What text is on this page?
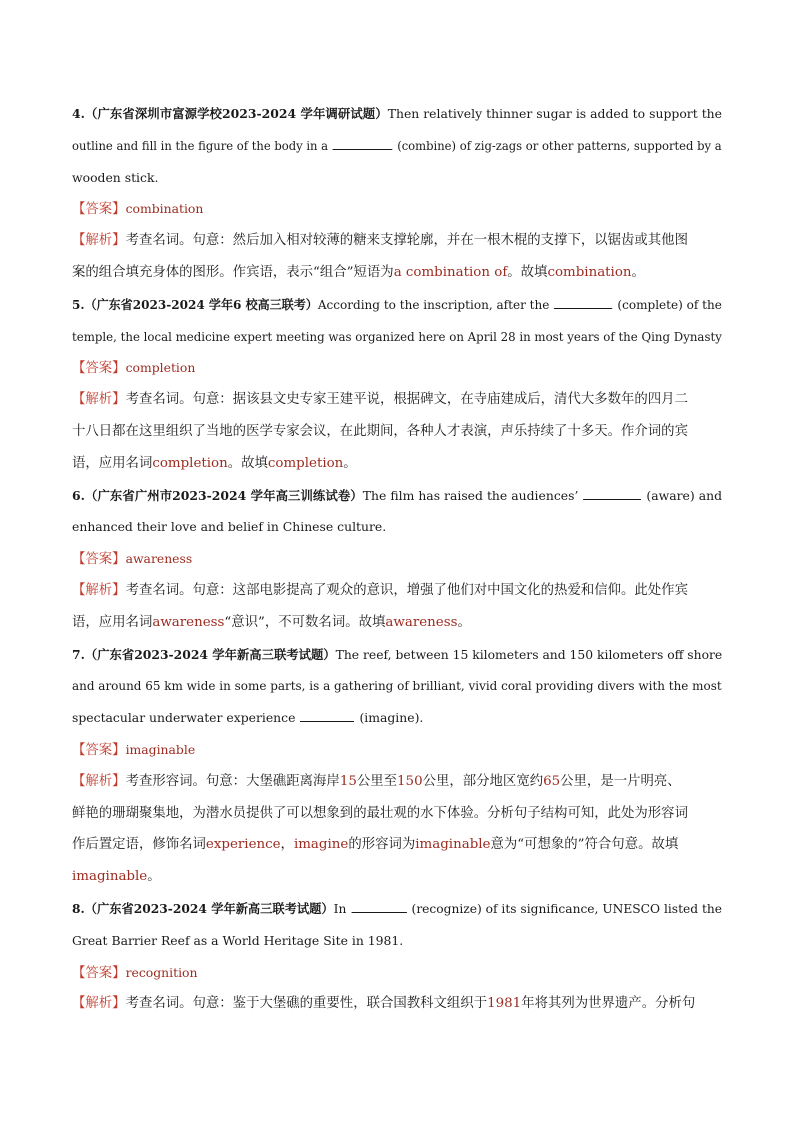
4.（广东省深圳市富源学校2023-2024 学年调研试题）Then relatively thinner sugar is added to support the
outline and fill in the figure of the body in a	(combine) of zig-zags or other patterns, supported by a
wooden stick.
【答案】combination
【解析】考查名词。句意：然后加入相对较薄的糖来支撑轮廓，并在一根木棍的支撑下，以锯齿或其他图
案的组合填充身体的图形。作宾语，表示“组合”短语为a combination of。故填combination。
5.（广东省2023-2024 学年6 校高三联考）According to the inscription, after the	(complete) of the
temple, the local medicine expert meeting was organized here on April 28 in most years of the Qing Dynasty
【答案】completion
【解析】考查名词。句意：据该县文史专家王建平说，根据碑文，在寺庙建成后，清代大多数年的四月二
十八日都在这里组织了当地的医学专家会议，在此期间，各种人才表演，声乐持续了十多天。作介词的宾
语，应用名词completion。故填completion。
6.（广东省广州市2023-2024 学年高三训练试卷）The film has raised the audiences’	(aware) and
enhanced their love and belief in Chinese culture.
【答案】awareness
【解析】考查名词。句意：这部电影提高了观众的意识，增强了他们对中国文化的热爱和信仰。此处作宾
语，应用名词awareness“意识”，不可数名词。故填awareness。
7.（广东省2023-2024 学年新高三联考试题）The reef, between 15 kilometers and 150 kilometers off shore
and around 65 km wide in some parts, is a gathering of brilliant, vivid coral providing divers with the most
spectacular underwater experience	(imagine).
【答案】imaginable
【解析】考查形容词。句意：大堡礁距离海岸15公里至150公里，部分地区宽约65公里，是一片明亮、
鲜艳的珊瑚聚集地，为潜水员提供了可以想象到的最壮观的水下体验。分析句子结构可知，此处为形容词
作后置定语，修饰名词experience，imagine的形容词为imaginable意为“可想象的”符合句意。故填
imaginable。
8.（广东省2023-2024 学年新高三联考试题）In	(recognize) of its significance, UNESCO listed the
Great Barrier Reef as a World Heritage Site in 1981.
【答案】recognition
【解析】考查名词。句意：鉴于大堡礁的重要性，联合国教科文组织于1981年将其列为世界遗产。分析句
